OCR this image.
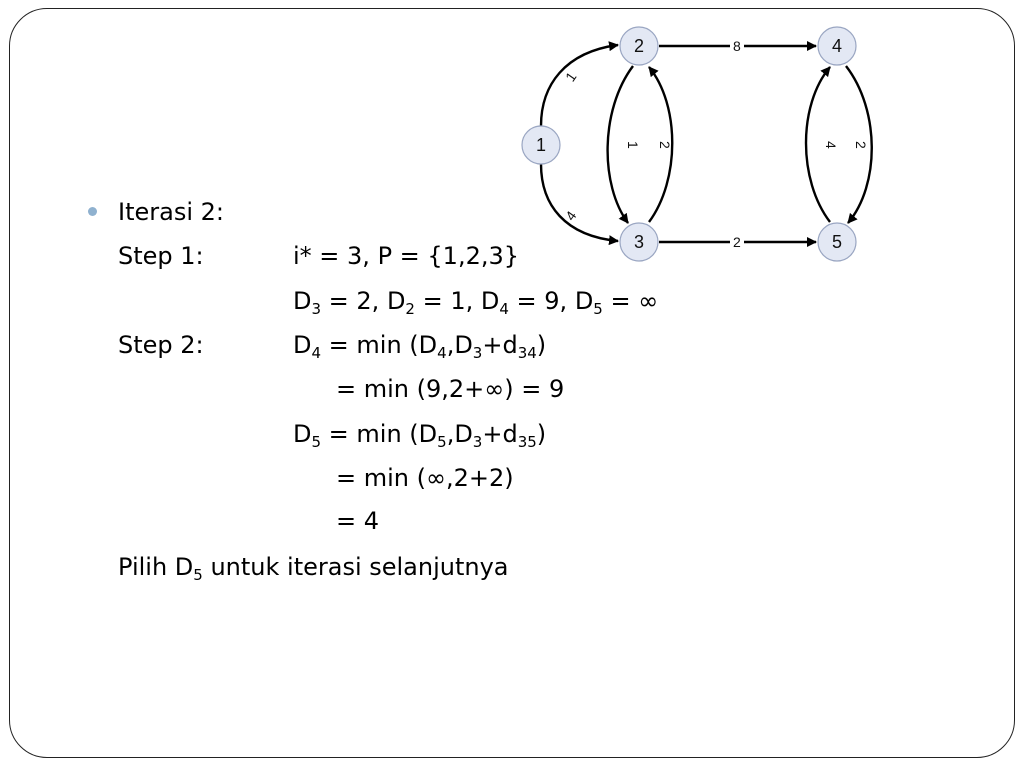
1
4
8
2
2
1	4 2
1
2
3
4
5
Iterasi 2:
Step 1:	i* = 3, P = {1,2,3}
$D_3 = 2$, $D_2 = 1$, $D_4 = 9$, $D_5$ = ∞
Step 2:	$D_4 = \min (D_4,D_3+d_{34})$
= min (9,2+∞) = 9
$D_5 = \min (D_5,D_3+d_{35})$
= min (∞,2+2)
= 4
Pilih $D_5$ untuk iterasi selanjutnya
